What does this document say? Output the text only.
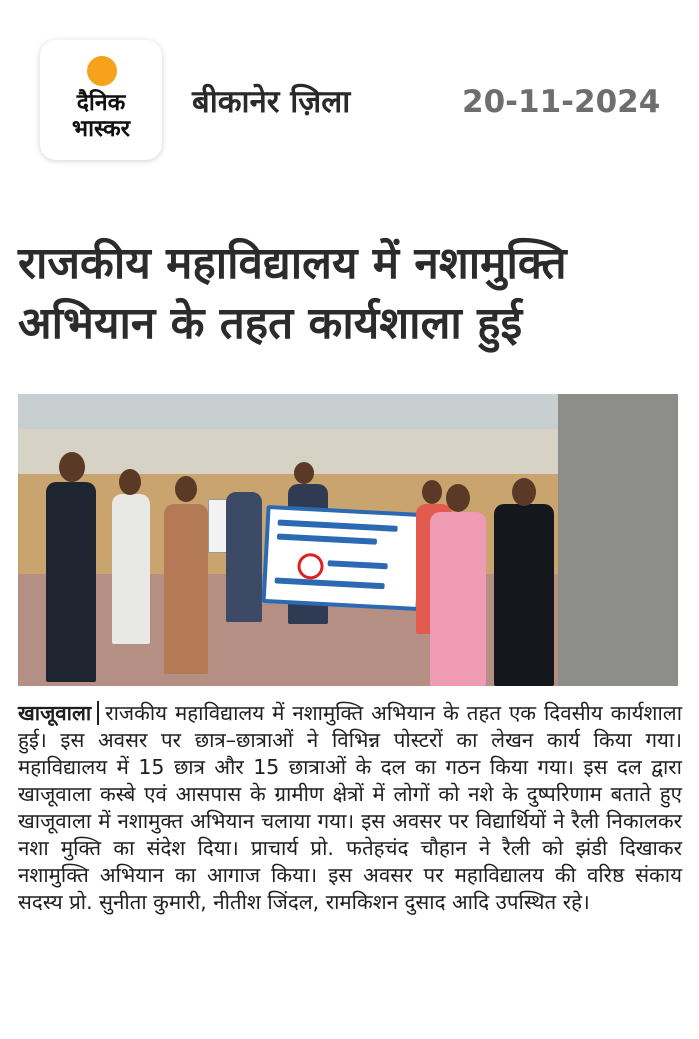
दैनिक
भास्कर
बीकानेर ज़िला	20-11-2024
राजकीय महाविद्यालय में नशामुक्ति अभियान के तहत कार्यशाला हुई
खाजूवाला राजकीय महाविद्यालय में नशामुक्ति अभियान के तहत एक दिवसीय कार्यशाला हुई। इस अवसर पर छात्र–छात्राओं ने विभिन्न पोस्टरों का लेखन कार्य किया गया। महाविद्यालय में 15 छात्र और 15 छात्राओं के दल का गठन किया गया। इस दल द्वारा खाजूवाला कस्बे एवं आसपास के ग्रामीण क्षेत्रों में लोगों को नशे के दुष्परिणाम बताते हुए खाजूवाला में नशामुक्त अभियान चलाया गया। इस अवसर पर विद्यार्थियों ने रैली निकालकर नशा मुक्ति का संदेश दिया। प्राचार्य प्रो. फतेहचंद चौहान ने रैली को झंडी दिखाकर नशामुक्ति अभियान का आगाज किया। इस अवसर पर महाविद्यालय की वरिष्ठ संकाय सदस्य प्रो. सुनीता कुमारी, नीतीश जिंदल, रामकिशन दुसाद आदि उपस्थित रहे।
